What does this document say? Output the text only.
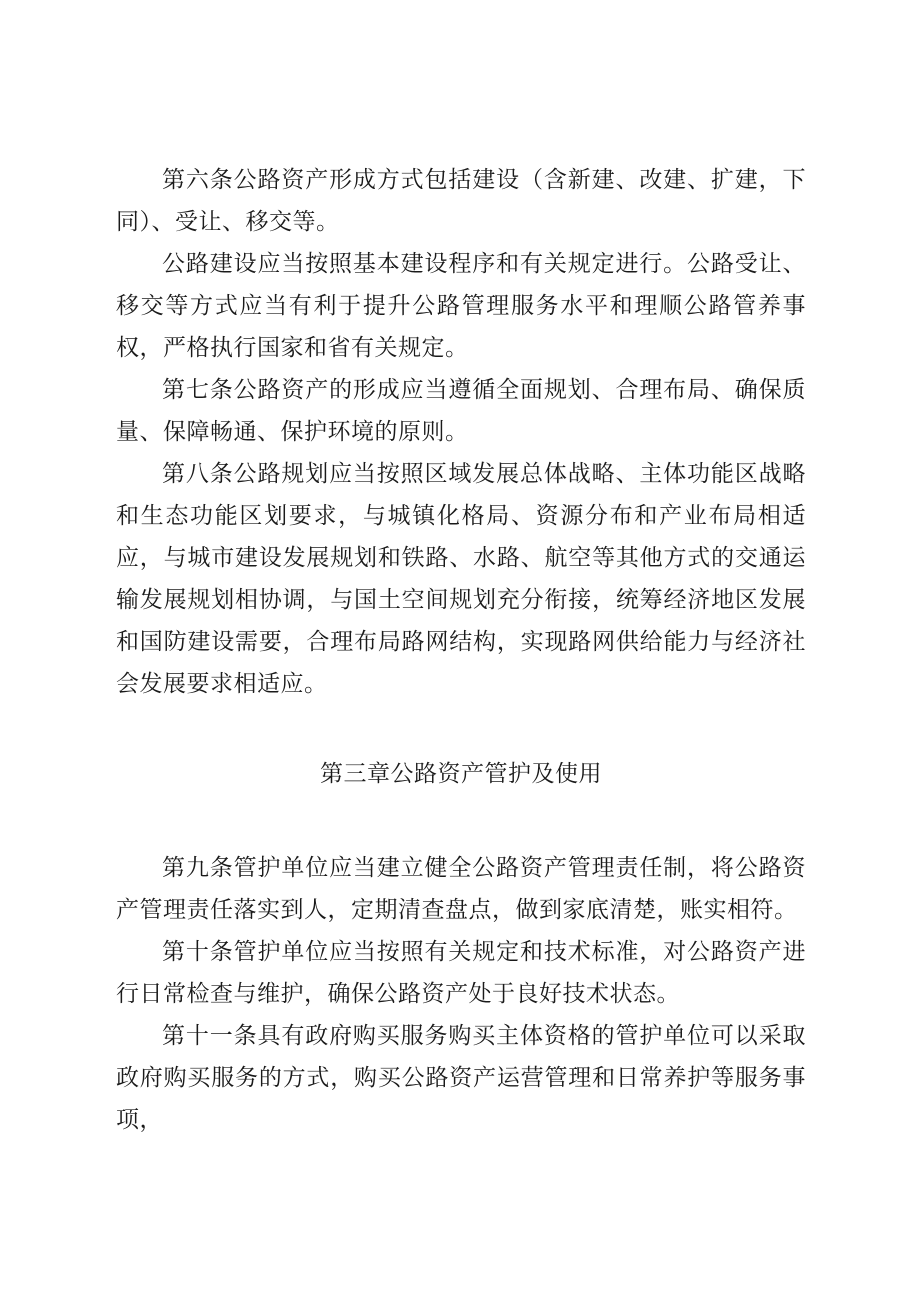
第六条公路资产形成方式包括建设（含新建、改建、扩建，下同）、受让、移交等。

公路建设应当按照基本建设程序和有关规定进行。公路受让、移交等方式应当有利于提升公路管理服务水平和理顺公路管养事权，严格执行国家和省有关规定。

第七条公路资产的形成应当遵循全面规划、合理布局、确保质量、保障畅通、保护环境的原则。

第八条公路规划应当按照区域发展总体战略、主体功能区战略和生态功能区划要求，与城镇化格局、资源分布和产业布局相适应，与城市建设发展规划和铁路、水路、航空等其他方式的交通运输发展规划相协调，与国土空间规划充分衔接，统筹经济地区发展和国防建设需要，合理布局路网结构，实现路网供给能力与经济社会发展要求相适应。

第三章公路资产管护及使用

第九条管护单位应当建立健全公路资产管理责任制，将公路资产管理责任落实到人，定期清查盘点，做到家底清楚，账实相符。

第十条管护单位应当按照有关规定和技术标准，对公路资产进行日常检查与维护，确保公路资产处于良好技术状态。

第十一条具有政府购买服务购买主体资格的管护单位可以采取政府购买服务的方式，购买公路资产运营管理和日常养护等服务事项，
